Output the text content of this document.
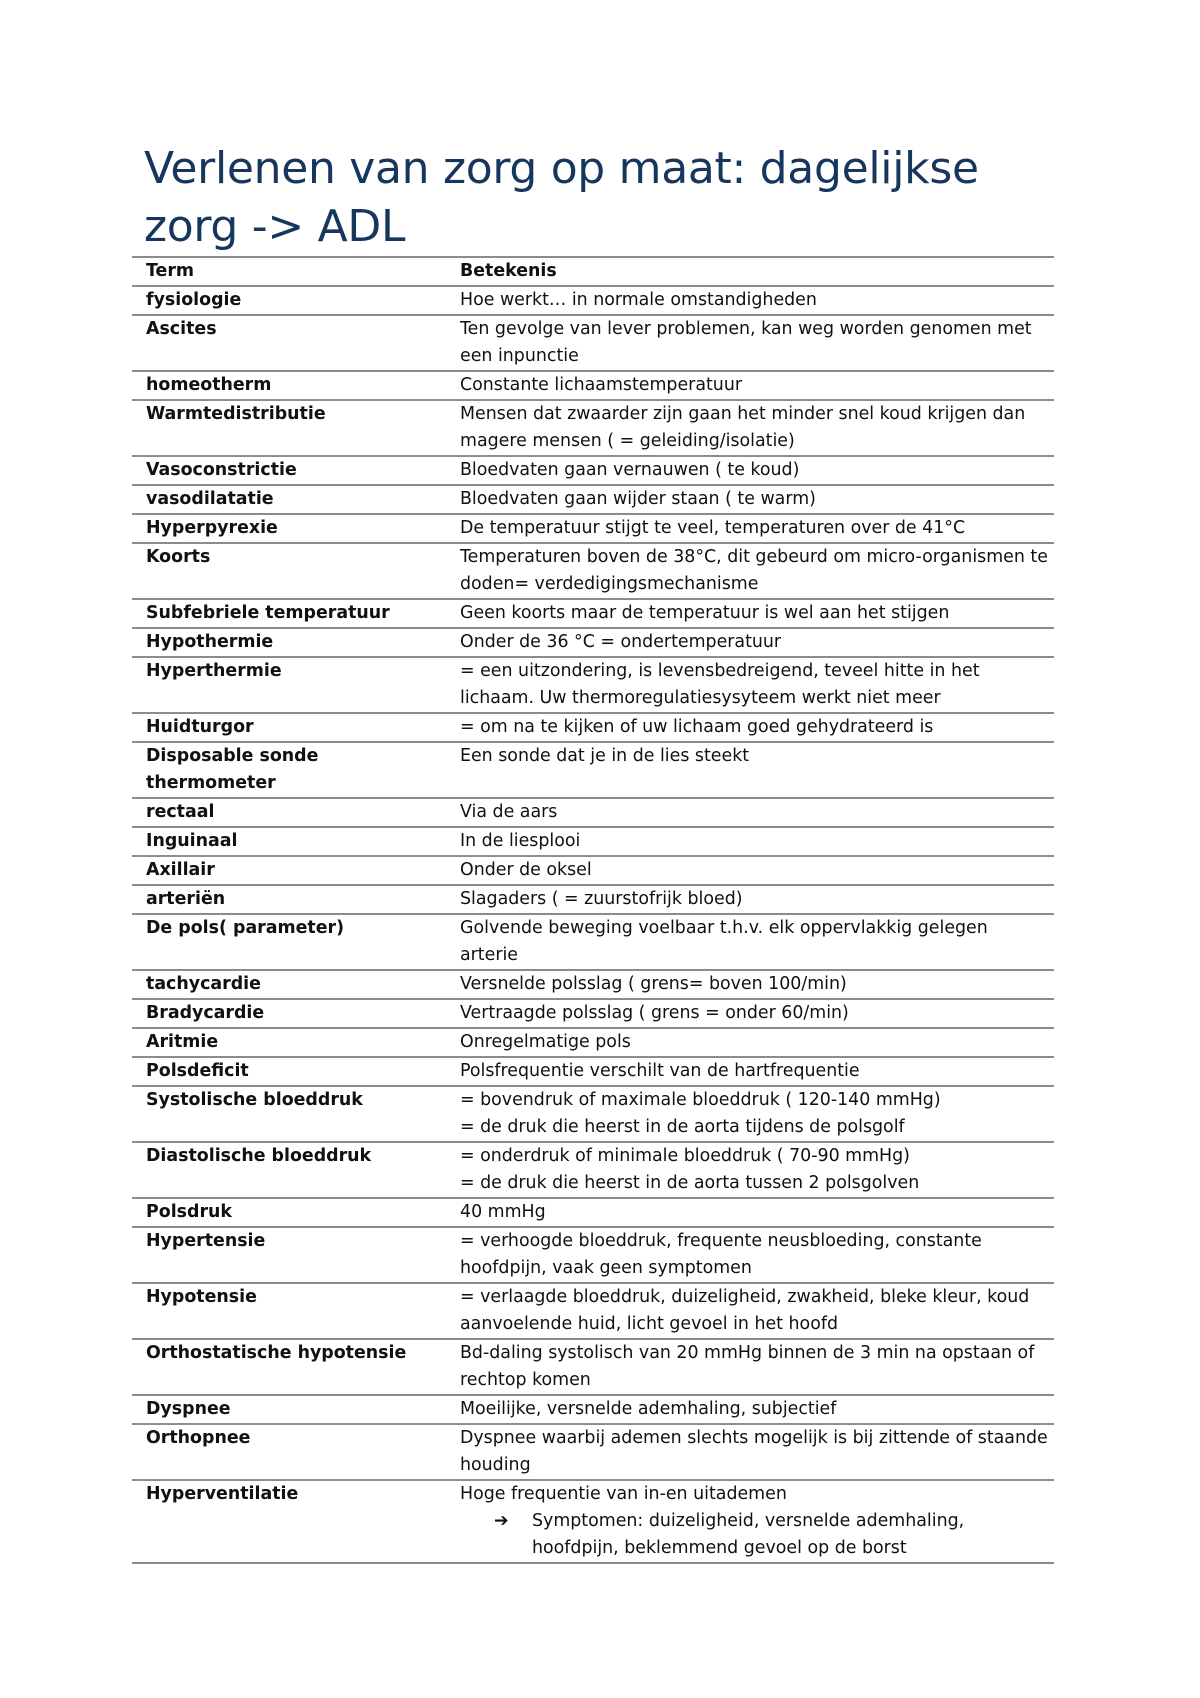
Verlenen van zorg op maat: dagelijkse zorg -> ADL
Term	Betekenis
fysiologie	Hoe werkt… in normale omstandigheden

Ascites	Ten gevolge van lever problemen, kan weg worden genomen met een inpunctie

homeotherm	Constante lichaamstemperatuur

Warmtedistributie	Mensen dat zwaarder zijn gaan het minder snel koud krijgen dan magere mensen ( = geleiding/isolatie)

Vasoconstrictie	Bloedvaten gaan vernauwen ( te koud)

vasodilatatie	Bloedvaten gaan wijder staan ( te warm)

Hyperpyrexie	De temperatuur stijgt te veel, temperaturen over de 41°C

Koorts	Temperaturen boven de 38°C, dit gebeurd om micro-organismen te doden= verdedigingsmechanisme

Subfebriele temperatuur	Geen koorts maar de temperatuur is wel aan het stijgen

Hypothermie	Onder de 36 °C = ondertemperatuur

Hyperthermie	= een uitzondering, is levensbedreigend, teveel hitte in het lichaam. Uw thermoregulatiesysyteem werkt niet meer

Huidturgor	= om na te kijken of uw lichaam goed gehydrateerd is

Disposable sonde thermometer	Een sonde dat je in de lies steekt

rectaal	Via de aars

Inguinaal	In de liesplooi

Axillair	Onder de oksel

arteriën	Slagaders ( = zuurstofrijk bloed)

De pols( parameter)	Golvende beweging voelbaar t.h.v. elk oppervlakkig gelegen arterie

tachycardie	Versnelde polsslag ( grens= boven 100/min)

Bradycardie	Vertraagde polsslag ( grens = onder 60/min)

Aritmie	Onregelmatige pols

Polsdeficit	Polsfrequentie verschilt van de hartfrequentie

Systolische bloeddruk	= bovendruk of maximale bloeddruk ( 120-140 mmHg)
= de druk die heerst in de aorta tijdens de polsgolf

Diastolische bloeddruk	= onderdruk of minimale bloeddruk ( 70-90 mmHg)
= de druk die heerst in de aorta tussen 2 polsgolven

Polsdruk	40 mmHg

Hypertensie	= verhoogde bloeddruk, frequente neusbloeding, constante hoofdpijn, vaak geen symptomen

Hypotensie	= verlaagde bloeddruk, duizeligheid, zwakheid, bleke kleur, koud aanvoelende huid, licht gevoel in het hoofd

Orthostatische hypotensie	Bd-daling systolisch van 20 mmHg binnen de 3 min na opstaan of rechtop komen

Dyspnee	Moeilijke, versnelde ademhaling, subjectief

Orthopnee	Dyspnee waarbij ademen slechts mogelijk is bij zittende of staande houding

Hyperventilatie	Hoge frequentie van in-en uitademen
➔ Symptomen: duizeligheid, versnelde ademhaling, hoofdpijn, beklemmend gevoel op de borst
